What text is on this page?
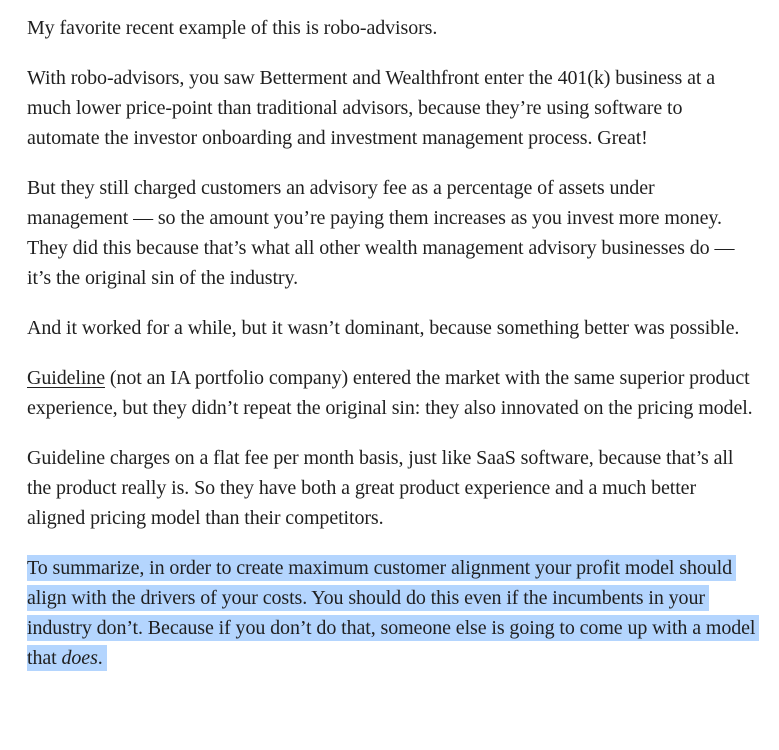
My favorite recent example of this is robo-advisors.

With robo-advisors, you saw Betterment and Wealthfront enter the 401(k) business at a much lower price-point than traditional advisors, because they’re using software to automate the investor onboarding and investment management process. Great!

But they still charged customers an advisory fee as a percentage of assets under management — so the amount you’re paying them increases as you invest more money. They did this because that’s what all other wealth management advisory businesses do — it’s the original sin of the industry.

And it worked for a while, but it wasn’t dominant, because something better was possible.

Guideline (not an IA portfolio company) entered the market with the same superior product experience, but they didn’t repeat the original sin: they also innovated on the pricing model.

Guideline charges on a flat fee per month basis, just like SaaS software, because that’s all the product really is. So they have both a great product experience and a much better aligned pricing model than their competitors.

To summarize, in order to create maximum customer alignment your profit model should align with the drivers of your costs. You should do this even if the incumbents in your industry don’t. Because if you don’t do that, someone else is going to come up with a model that does.
